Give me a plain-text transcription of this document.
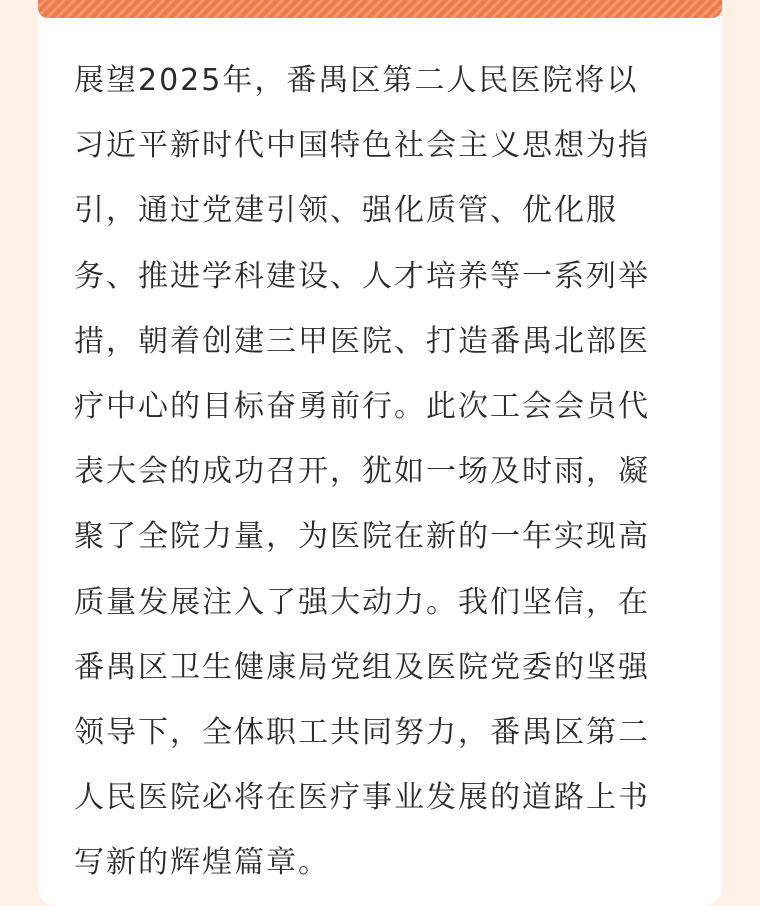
展望2025年，番禺区第二人民医院将以
习近平新时代中国特色社会主义思想为指
引，通过党建引领、强化质管、优化服
务、推进学科建设、人才培养等一系列举
措，朝着创建三甲医院、打造番禺北部医
疗中心的目标奋勇前行。此次工会会员代
表大会的成功召开，犹如一场及时雨，凝
聚了全院力量，为医院在新的一年实现高
质量发展注入了强大动力。我们坚信，在
番禺区卫生健康局党组及医院党委的坚强
领导下，全体职工共同努力，番禺区第二
人民医院必将在医疗事业发展的道路上书
写新的辉煌篇章。
